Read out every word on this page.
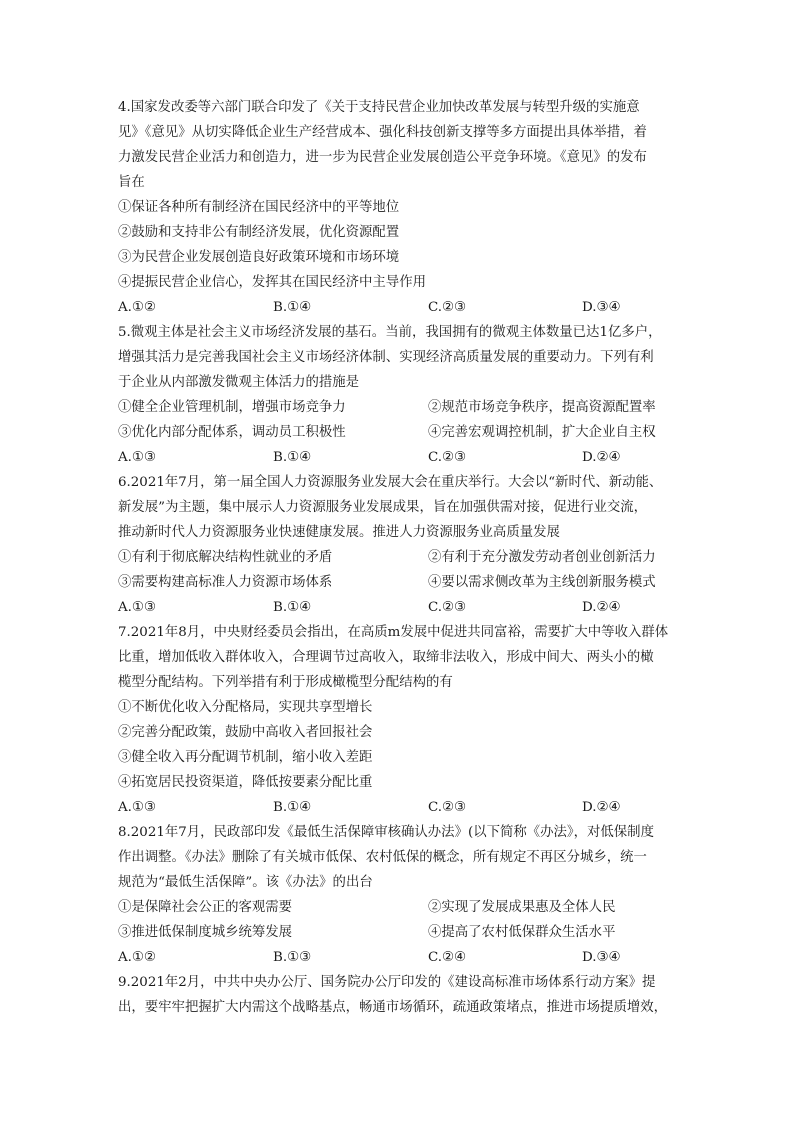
4.国家发改委等六部门联合印发了《关于支持民营企业加快改革发展与转型升级的实施意
见》《意见》从切实降低企业生产经营成本、强化科技创新支撑等多方面提出具体举措，着
力激发民营企业活力和创造力，进一步为民营企业发展创造公平竞争环境。《意见》的发布
旨在
①保证各种所有制经济在国民经济中的平等地位
②鼓励和支持非公有制经济发展，优化资源配置
③为民营企业发展创造良好政策环境和市场环境
④提振民营企业信心，发挥其在国民经济中主导作用
A.①②	B.①④	C.②③	D.③④
5.微观主体是社会主义市场经济发展的基石。当前，我国拥有的微观主体数量已达1亿多户，
增强其活力是完善我国社会主义市场经济体制、实现经济高质量发展的重要动力。下列有利
于企业从内部激发微观主体活力的措施是
①健全企业管理机制，增强市场竞争力	②规范市场竞争秩序，提高资源配置率
③优化内部分配体系，调动员工积极性	④完善宏观调控机制，扩大企业自主权
A.①③	B.①④	C.②③	D.②④
6.2021年7月，第一届全国人力资源服务业发展大会在重庆举行。大会以“新时代、新动能、
新发展”为主题，集中展示人力资源服务业发展成果，旨在加强供需对接，促进行业交流，
推动新时代人力资源服务业快速健康发展。推进人力资源服务业高质量发展
①有利于彻底解决结构性就业的矛盾	②有利于充分激发劳动者创业创新活力
③需要构建高标准人力资源市场体系	④要以需求侧改革为主线创新服务模式
A.①③	B.①④	C.②③	D.②④
7.2021年8月，中央财经委员会指出，在高质m发展中促进共同富裕，需要扩大中等收入群体
比重，增加低收入群体收入，合理调节过高收入，取缔非法收入，形成中间大、两头小的橄
榄型分配结构。下列举措有利于形成橄榄型分配结构的有
①不断优化收入分配格局，实现共享型增长
②完善分配政策，鼓励中高收入者回报社会
③健全收入再分配调节机制，缩小收入差距
④拓宽居民投资渠道，降低按要素分配比重
A.①③	B.①④	C.②③	D.②④
8.2021年7月，民政部印发《最低生活保障审核确认办法》(以下简称《办法》，对低保制度
作出调整。《办法》删除了有关城市低保、农村低保的概念，所有规定不再区分城乡，统一
规范为“最低生活保障”。该《办法》的出台
①是保障社会公正的客观需要	②实现了发展成果惠及全体人民
③推进低保制度城乡统筹发展	④提高了农村低保群众生活水平
A.①②	B.①③	C.②④	D.③④
9.2021年2月，中共中央办公厅、国务院办公厅印发的《建设高标准市场体系行动方案》提
出，要牢牢把握扩大内需这个战略基点，畅通市场循环，疏通政策堵点，推进市场提质增效，
